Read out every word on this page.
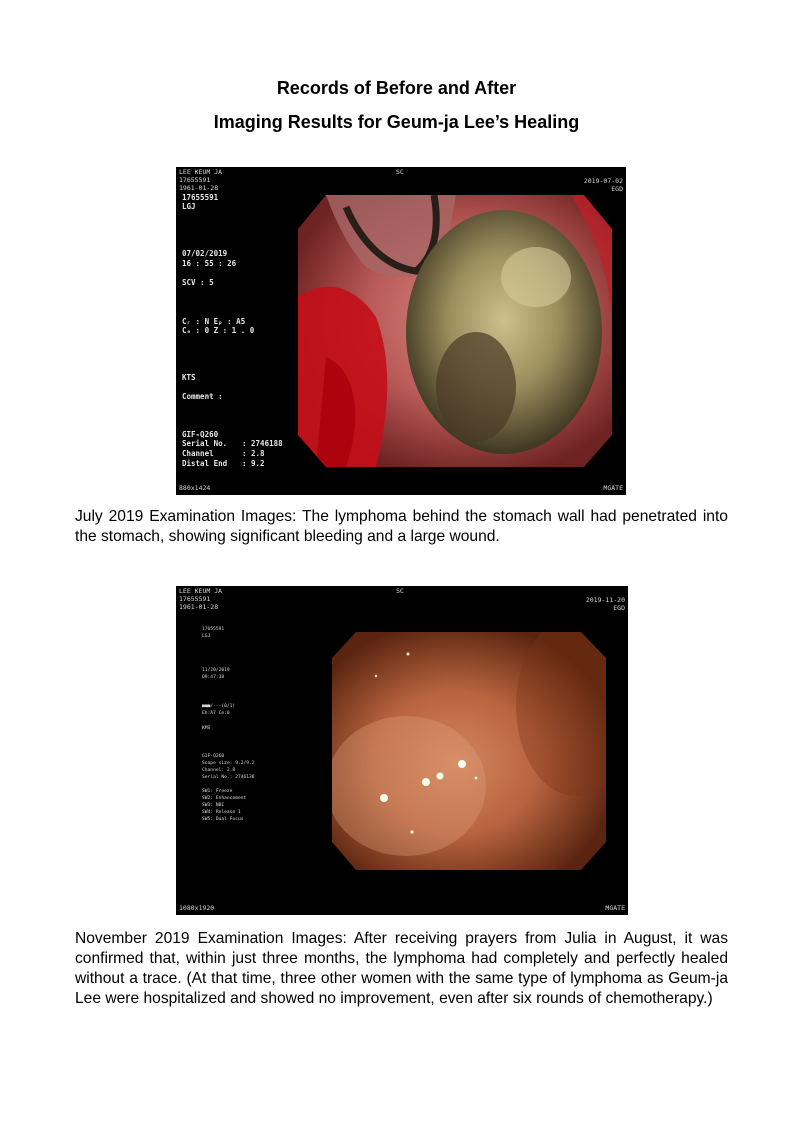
Records of Before and After
Imaging Results for Geum-ja Lee’s Healing
LEE KEUM JA
17655591
1961-01-28
17655591
LGJ
SC
2019-07-02
EGD
07/02/2019
16 : 55 : 26
SCV : 5
Cᵣ : N Eₚ : A5
Cₑ : 0 Z : 1 . 0
KTS
Comment :
GIF-Q260
Serial No. : 2746188
Channel	: 2.8
Distal End : 9.2
880x1424	MGATE
July 2019 Examination Images: The lymphoma behind the stomach wall had penetrated into the stomach, showing significant bleeding and a large wound.
LEE KEUM JA
17655591
1961-01-28
SC
2019-11-20
EGD
17655591
LGJ
11/20/2019
09:47:38
■■■/---(0/1)
Eh:A7 Ce:0
KMS
GIF-Q260
Scope size: 9.2/9.2
Channel: 2.8
Serial No.: 2746136
SW1: Freeze
SW2: Enhancement
SW3: NBI
SW4: Release 1
SW5: Dual Focus
1080x1920	MGATE
November 2019 Examination Images: After receiving prayers from Julia in August, it was confirmed that, within just three months, the lymphoma had completely and perfectly healed without a trace. (At that time, three other women with the same type of lymphoma as Geum-ja Lee were hospitalized and showed no improvement, even after six rounds of chemotherapy.)
